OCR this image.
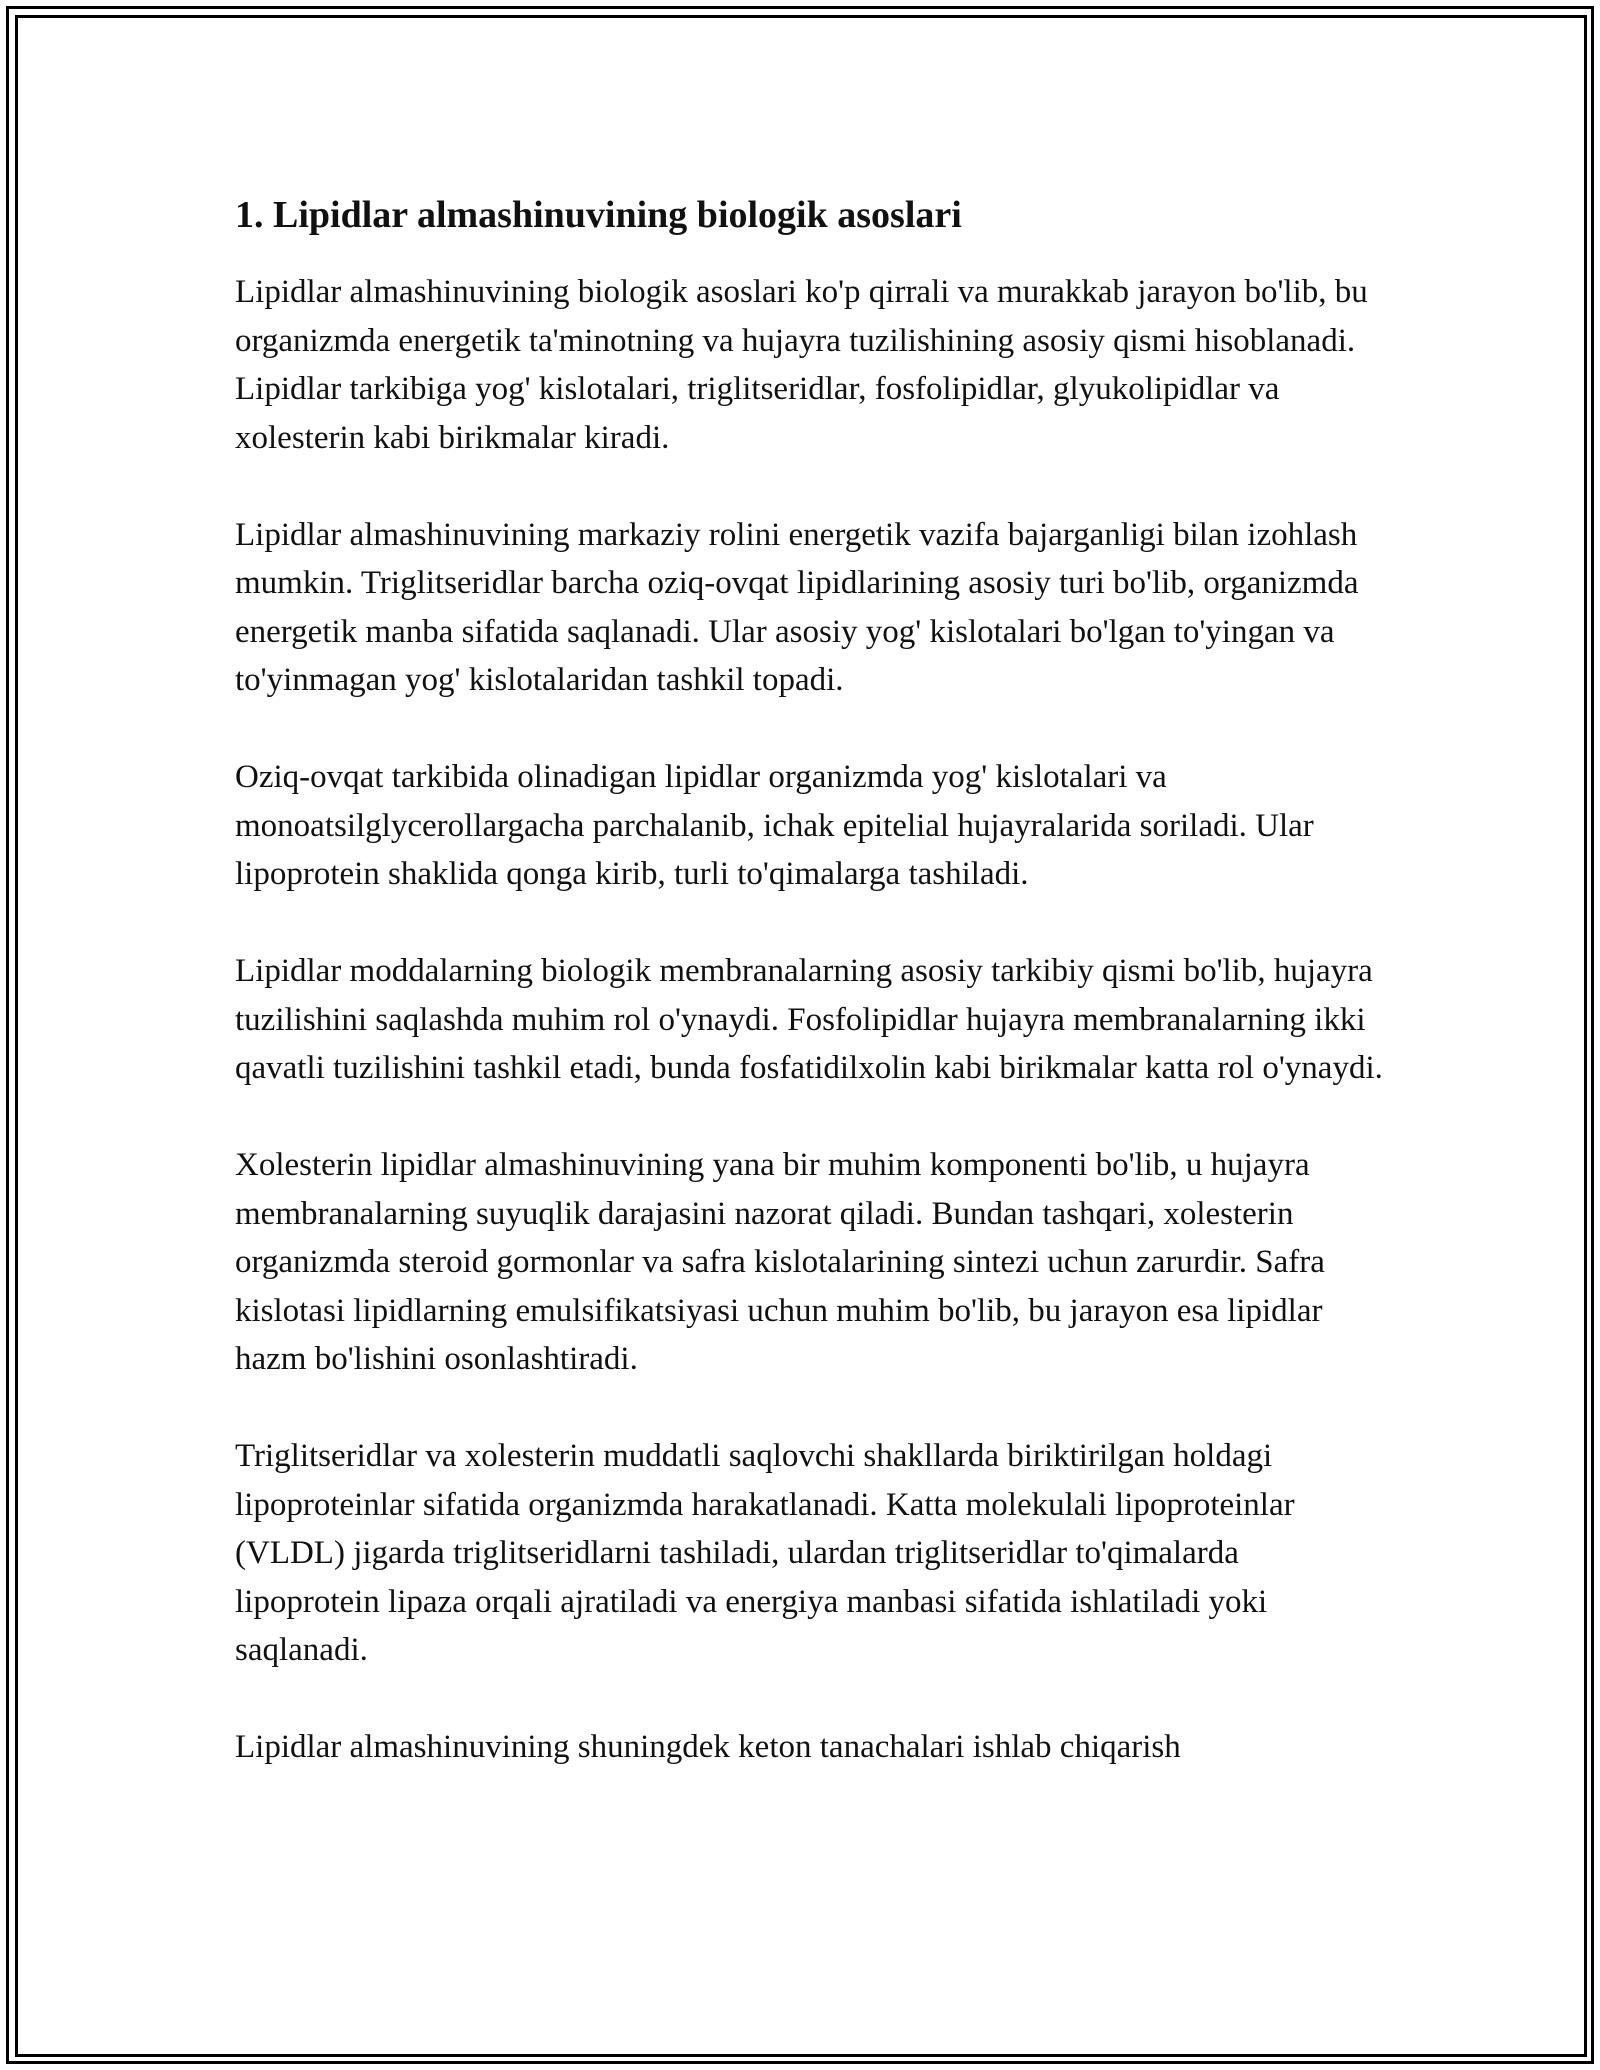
1. Lipidlar almashinuvining biologik asoslari

Lipidlar almashinuvining biologik asoslari ko'p qirrali va murakkab jarayon bo'lib, bu organizmda energetik ta'minotning va hujayra tuzilishining asosiy qismi hisoblanadi. Lipidlar tarkibiga yog' kislotalari, triglitseridlar, fosfolipidlar, glyukolipidlar va xolesterin kabi birikmalar kiradi.

Lipidlar almashinuvining markaziy rolini energetik vazifa bajarganligi bilan izohlash mumkin. Triglitseridlar barcha oziq-ovqat lipidlarining asosiy turi bo'lib, organizmda energetik manba sifatida saqlanadi. Ular asosiy yog' kislotalari bo'lgan to'yingan va to'yinmagan yog' kislotalaridan tashkil topadi.

Oziq-ovqat tarkibida olinadigan lipidlar organizmda yog' kislotalari va monoatsilglycerollargacha parchalanib, ichak epitelial hujayralarida soriladi. Ular lipoprotein shaklida qonga kirib, turli to'qimalarga tashiladi.

Lipidlar moddalarning biologik membranalarning asosiy tarkibiy qismi bo'lib, hujayra tuzilishini saqlashda muhim rol o'ynaydi. Fosfolipidlar hujayra membranalarning ikki qavatli tuzilishini tashkil etadi, bunda fosfatidilxolin kabi birikmalar katta rol o'ynaydi.

Xolesterin lipidlar almashinuvining yana bir muhim komponenti bo'lib, u hujayra membranalarning suyuqlik darajasini nazorat qiladi. Bundan tashqari, xolesterin organizmda steroid gormonlar va safra kislotalarining sintezi uchun zarurdir. Safra kislotasi lipidlarning emulsifikatsiyasi uchun muhim bo'lib, bu jarayon esa lipidlar hazm bo'lishini osonlashtiradi.

Triglitseridlar va xolesterin muddatli saqlovchi shakllarda biriktirilgan holdagi lipoproteinlar sifatida organizmda harakatlanadi. Katta molekulali lipoproteinlar (VLDL) jigarda triglitseridlarni tashiladi, ulardan triglitseridlar to'qimalarda lipoprotein lipaza orqali ajratiladi va energiya manbasi sifatida ishlatiladi yoki saqlanadi.

Lipidlar almashinuvining shuningdek keton tanachalari ishlab chiqarish
